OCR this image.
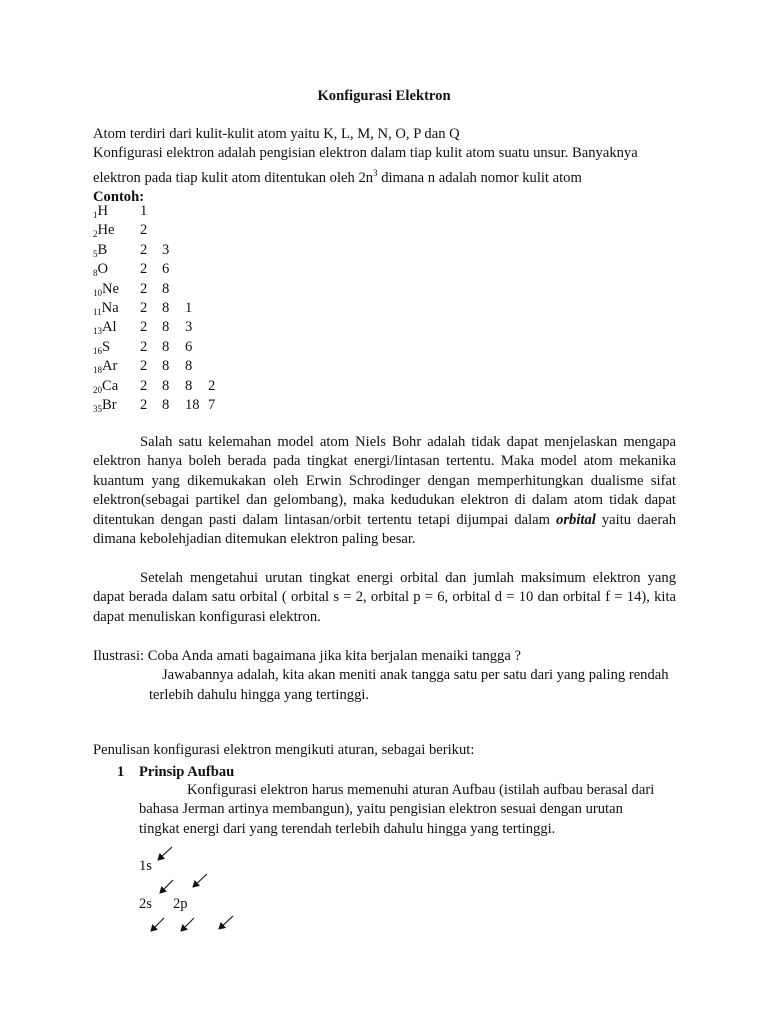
Konfigurasi Elektron

Atom terdiri dari kulit-kulit atom yaitu K, L, M, N, O, P dan Q

Konfigurasi elektron adalah pengisian elektron dalam tiap kulit atom suatu unsur. Banyaknya

elektron pada tiap kulit atom ditentukan oleh $2n^3$ dimana n adalah nomor kulit atom

Contoh:

$_1$H 1
$_2$He 2
$_5$B 2 3
$_8$O 2 6
$_{10}$Ne 2 8
$_{11}$Na 2 8 1
$_{13}$Al 2 8 3
$_{16}$S 2 8 6
$_{18}$Ar 2 8 8
$_{20}$Ca 2 8 8 2
$_{35}$Br 2 8 18 7

Salah satu kelemahan model atom Niels Bohr adalah tidak dapat menjelaskan mengapa elektron hanya boleh berada pada tingkat energi/lintasan tertentu. Maka model atom mekanika kuantum yang dikemukakan oleh Erwin Schrodinger dengan memperhitungkan dualisme sifat elektron(sebagai partikel dan gelombang), maka kedudukan elektron di dalam atom tidak dapat ditentukan dengan pasti dalam lintasan/orbit tertentu tetapi dijumpai dalam orbital yaitu daerah dimana kebolehjadian ditemukan elektron paling besar.

Setelah mengetahui urutan tingkat energi orbital dan jumlah maksimum elektron yang dapat berada dalam satu orbital ( orbital s = 2, orbital p = 6, orbital d = 10 dan orbital f = 14), kita dapat menuliskan konfigurasi elektron.

Ilustrasi: Coba Anda amati bagaimana jika kita berjalan menaiki tangga ?

Jawabannya adalah, kita akan meniti anak tangga satu per satu dari yang paling rendah

terlebih dahulu hingga yang tertinggi.

Penulisan konfigurasi elektron mengikuti aturan, sebagai berikut:
1 Prinsip Aufbau

Konfigurasi elektron harus memenuhi aturan Aufbau (istilah aufbau berasal dari bahasa Jerman artinya membangun), yaitu pengisian elektron sesuai dengan urutan tingkat energi dari yang terendah terlebih dahulu hingga yang tertinggi.

1s
2s 2p
